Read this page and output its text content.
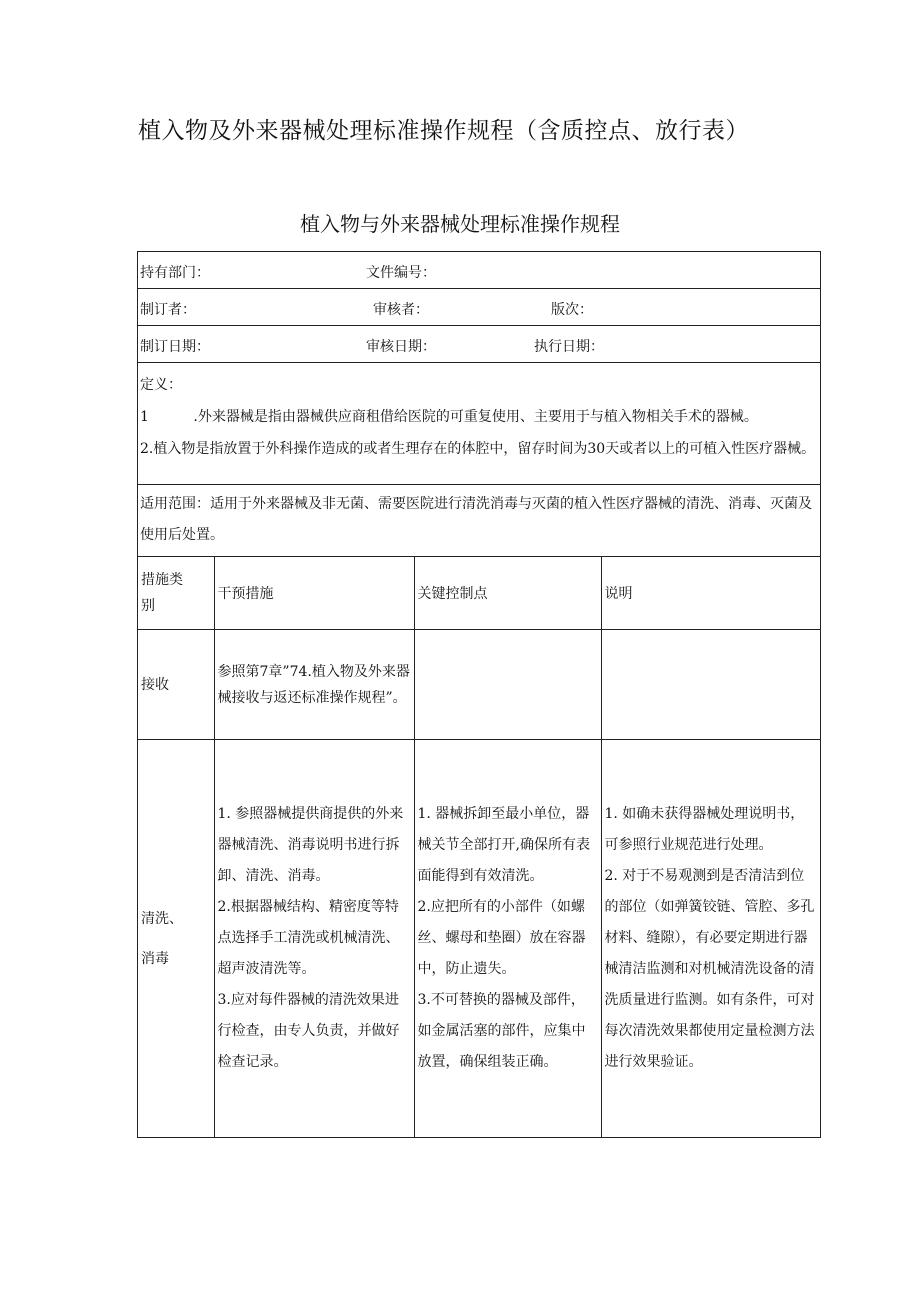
植入物及外来器械处理标准操作规程（含质控点、放行表）
植入物与外来器械处理标准操作规程
持有部门：	文件编号：
制订者：	审核者：	版次：
制订日期：	审核日期：	执行日期：

定义：

1          .外来器械是指由器械供应商租借给医院的可重复使用、主要用于与植入物相关手术的器械。

2.植入物是指放置于外科操作造成的或者生理存在的体腔中，留存时间为30天或者以上的可植入性医疗器械。

适用范围：适用于外来器械及非无菌、需要医院进行清洗消毒与灭菌的植入性医疗器械的清洗、消毒、灭菌及使用后处置。

措施类
别	干预措施	关键控制点	说明
接收	参照第7章”74.植入物及外来器械接收与返还标准操作规程”。		
清洗、
消毒	1. 参照器械提供商提供的外来器械清洗、消毒说明书进行拆卸、清洗、消毒。
2.根据器械结构、精密度等特点选择手工清洗或机械清洗、超声波清洗等。
3.应对每件器械的清洗效果进行检查，由专人负责，并做好检查记录。	1. 器械拆卸至最小单位，器械关节全部打开,确保所有表面能得到有效清洗。
2.应把所有的小部件（如螺丝、螺母和垫圈）放在容器中，防止遗失。
3.不可替换的器械及部件，如金属活塞的部件，应集中放置，确保组装正确。	1. 如确未获得器械处理说明书，可参照行业规范进行处理。
2. 对于不易观测到是否清洁到位的部位（如弹簧铰链、管腔、多孔材料、缝隙），有必要定期进行器械清洁监测和对机械清洗设备的清洗质量进行监测。如有条件，可对每次清洗效果都使用定量检测方法进行效果验证。
